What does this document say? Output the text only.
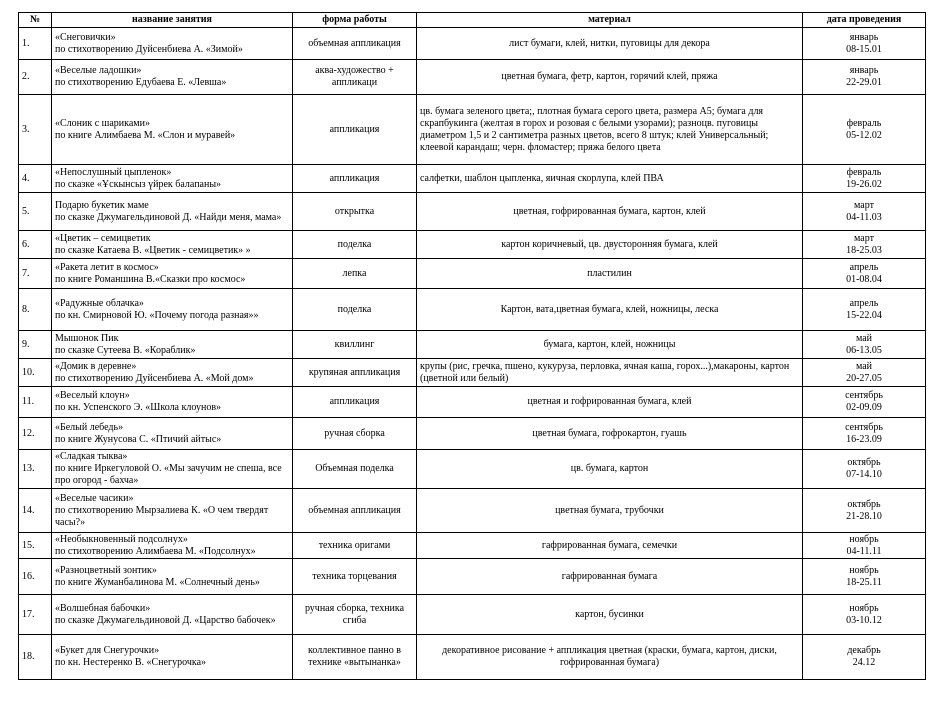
№	название занятия	форма работы	материал	дата проведения
1.	«Снеговички»
по стихотворению Дуйсенбиева А. «Зимой»	объемная аппликация	лист бумаги, клей, нитки, пуговицы для декора	январь
08-15.01

2.	«Веселые ладошки»
по стихотворению Едубаева Е. «Левша»	аква-художество + аппликаци	цветная бумага, фетр, картон, горячий клей, пряжа	январь
22-29.01

3.	«Слоник с шариками»
по книге Алимбаева М. «Слон и муравей»	аппликация	цв. бумага зеленого цвета;, плотная бумага серого цвета, размера А5; бумага для скрапбукинга (желтая в горох и розовая с белыми узорами); разноцв. пуговицы диаметром 1,5 и 2 сантиметра разных цветов, всего 8 штук; клей Универсальный; клеевой карандаш; черн. фломастер; пряжа белого цвета	февраль
05-12.02

4.	«Непослушный цыпленок»
по сказке «Ұскынсыз үйрек балапаны»	аппликация	салфетки, шаблон цыпленка, яичная скорлупа, клей ПВА	февраль
19-26.02

5.	Подарю букетик маме
по сказке Джумагельдиновой Д. «Найди меня, мама»	открытка	цветная, гофрированная бумага, картон, клей	март
04-11.03

6.	«Цветик – семицветик
по сказке Катаева В. «Цветик - семицветик» »	поделка	картон коричневый, цв. двусторонняя бумага, клей	март
18-25.03

7.	«Ракета летит в космос»
по книге Романшина В.«Сказки про космос»	лепка	пластилин	апрель
01-08.04

8.	«Радужные облачка»
по кн. Смирновой Ю. «Почему погода разная»»	поделка	Картон, вата,цветная бумага, клей, ножницы, леска	апрель
15-22.04

9.	Мышонок Пик
по сказке Сутеева В. «Кораблик»	квиллинг	бумага, картон, клей, ножницы	май
06-13.05

10.	«Домик в деревне»
по стихотворению Дуйсенбиева А. «Мой дом»	крупяная аппликация	крупы (рис, гречка, пшено, кукуруза, перловка, ячная каша, горох...),макароны, картон (цветной или белый)	май
20-27.05

11.	«Веселый клоун»
по кн. Успенского Э. «Школа клоунов»	аппликация	цветная и гофрированная бумага, клей	сентябрь
02-09.09

12.	«Белый лебедь»
по книге Жунусова С. «Птичий айтыс»	ручная сборка	цветная бумага, гофрокартон, гуашь	сентябрь
16-23.09

13.	«Сладкая тыква»
по книге Иркегуловой О. «Мы зачучим не спеша, все про огород - бахча»	Объемная поделка	цв. бумага, картон	октябрь
07-14.10

14.	«Веселые часики»
по стихотворению Мырзалиева К. «О чем твердят часы?»	объемная аппликация	цветная бумага, трубочки	октябрь
21-28.10

15.	«Необыкновенный подсолнух»
по стихотворению Алимбаева М. «Подсолнух»	техника оригами	гафрированная бумага, семечки	ноябрь
04-11.11

16.	«Разноцветный зонтик»
по книге Жуманбалинова М. «Солнечный день»	техника торцевания	гафрированная бумага	ноябрь
18-25.11

17.	«Волшебная бабочки»
по сказке Джумагельдиновой Д. «Царство бабочек»	ручная сборка, техника сгиба	картон, бусинки	ноябрь
03-10.12

18.	«Букет для Снегурочки»
по кн. Нестеренко В. «Снегурочка»	коллективное панно в технике «вытынанка»	декоративное рисование + аппликация цветная (краски, бумага, картон, диски, гофрированная бумага)	декабрь
24.12
